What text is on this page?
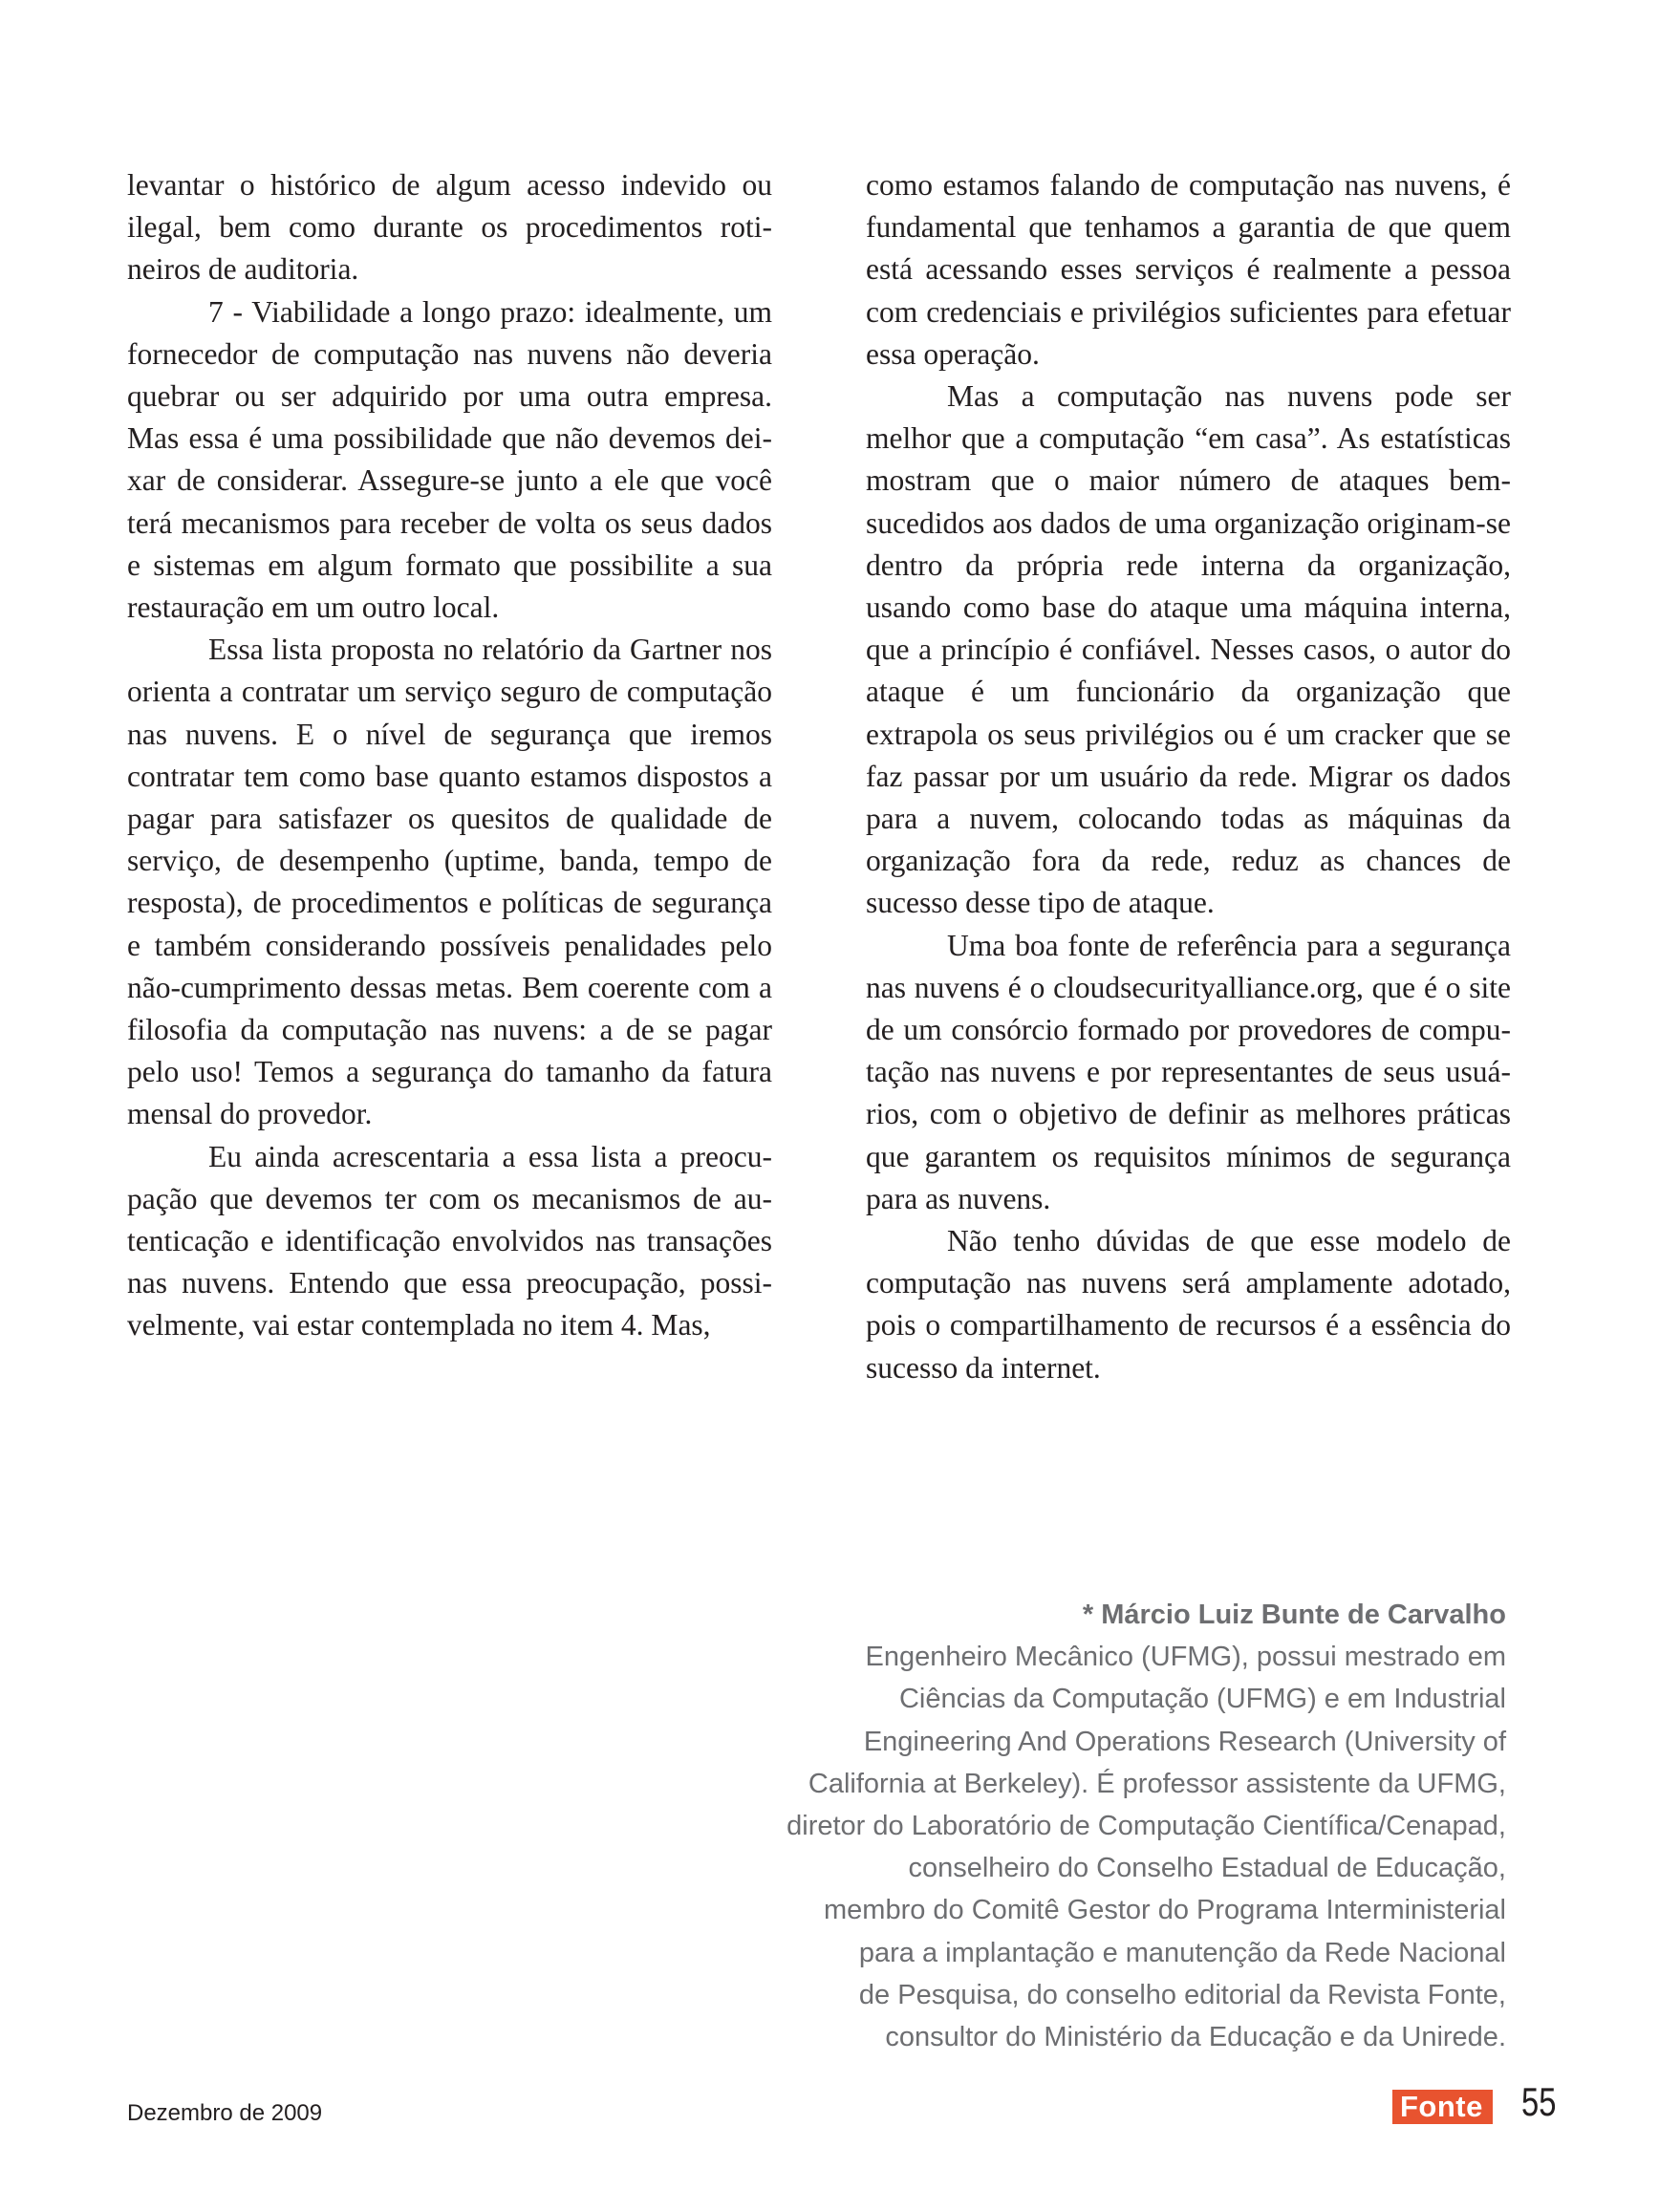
levantar o histórico de algum acesso indevido ou ilegal, bem como durante os procedimentos rotineiros de auditoria.

7 - Viabilidade a longo prazo: idealmente, um fornecedor de computação nas nuvens não deveria quebrar ou ser adquirido por uma outra empresa. Mas essa é uma possibilidade que não devemos deixar de considerar. Assegure-se junto a ele que você terá mecanismos para receber de volta os seus dados e sistemas em algum formato que possibilite a sua restauração em um outro local.

Essa lista proposta no relatório da Gartner nos orienta a contratar um serviço seguro de computação nas nuvens. E o nível de segurança que iremos contratar tem como base quanto estamos dispostos a pagar para satisfazer os quesitos de qualidade de serviço, de desempenho (uptime, banda, tempo de resposta), de procedimentos e políticas de segurança e também considerando possíveis penalidades pelo não-cumprimento dessas metas. Bem coerente com a filosofia da computação nas nuvens: a de se pagar pelo uso! Temos a segurança do tamanho da fatura mensal do provedor.

Eu ainda acrescentaria a essa lista a preocupação que devemos ter com os mecanismos de autenticação e identificação envolvidos nas transações nas nuvens. Entendo que essa preocupação, possivelmente, vai estar contemplada no item 4. Mas,

como estamos falando de computação nas nuvens, é fundamental que tenhamos a garantia de que quem está acessando esses serviços é realmente a pessoa com credenciais e privilégios suficientes para efetuar essa operação.

Mas a computação nas nuvens pode ser melhor que a computação “em casa”. As estatísticas mostram que o maior número de ataques bem-sucedidos aos dados de uma organização originam-se dentro da própria rede interna da organização, usando como base do ataque uma máquina interna, que a princípio é confiável. Nesses casos, o autor do ataque é um funcionário da organização que extrapola os seus privilégios ou é um cracker que se faz passar por um usuário da rede. Migrar os dados para a nuvem, colocando todas as máquinas da organização fora da rede, reduz as chances de sucesso desse tipo de ataque.

Uma boa fonte de referência para a segurança nas nuvens é o cloudsecurityalliance.org, que é o site de um consórcio formado por provedores de computação nas nuvens e por representantes de seus usuários, com o objetivo de definir as melhores práticas que garantem os requisitos mínimos de segurança para as nuvens.

Não tenho dúvidas de que esse modelo de computação nas nuvens será amplamente adotado, pois o compartilhamento de recursos é a essência do sucesso da internet.

* Márcio Luiz Bunte de Carvalho
Engenheiro Mecânico (UFMG), possui mestrado em
Ciências da Computação (UFMG) e em Industrial
Engineering And Operations Research (University of
California at Berkeley). É professor assistente da UFMG,
diretor do Laboratório de Computação Científica/Cenapad,
conselheiro do Conselho Estadual de Educação,
membro do Comitê Gestor do Programa Interministerial
para a implantação e manutenção da Rede Nacional
de Pesquisa, do conselho editorial da Revista Fonte,
consultor do Ministério da Educação e da Unirede.
Dezembro de 2009	Fonte 55
